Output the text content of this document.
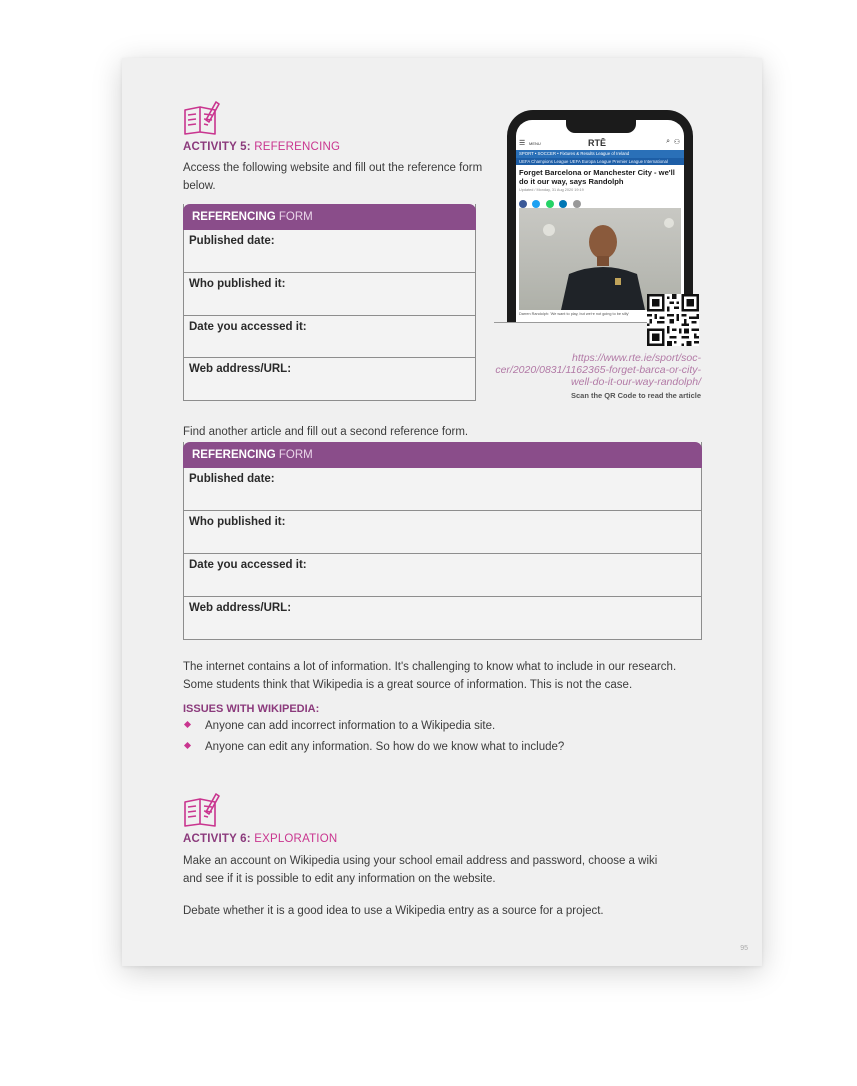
ACTIVITY 5: REFERENCING
Access the following website and fill out the reference form below.
REFERENCING FORM
Published date:
Who published it:
Date you accessed it:
Web address/URL:
☰ MENU	RTĒ	⌕ ⚇
SPORT • SOCCER • Fixtures & Results League of Ireland
UEFA Champions League UEFA Europa League Premier League International
Forget Barcelona or Manchester City - we'll do it our way, says Randolph
Updated / Monday, 31 Aug 2020 19:19

Darren Randolph: 'We want to play, but we're not going to be silly'
https://www.rte.ie/sport/soc-
cer/2020/0831/1162365-forget-barca-or-city-
well-do-it-our-way-randolph/
Scan the QR Code to read the article
Find another article and fill out a second reference form.
REFERENCING FORM
Published date:
Who published it:
Date you accessed it:
Web address/URL:
The internet contains a lot of information. It's challenging to know what to include in our research.
Some students think that Wikipedia is a great source of information. This is not the case.
ISSUES WITH WIKIPEDIA:
Anyone can add incorrect information to a Wikipedia site.
Anyone can edit any information. So how do we know what to include?
ACTIVITY 6: EXPLORATION
Make an account on Wikipedia using your school email address and password, choose a wiki
and see if it is possible to edit any information on the website.
Debate whether it is a good idea to use a Wikipedia entry as a source for a project.
95
